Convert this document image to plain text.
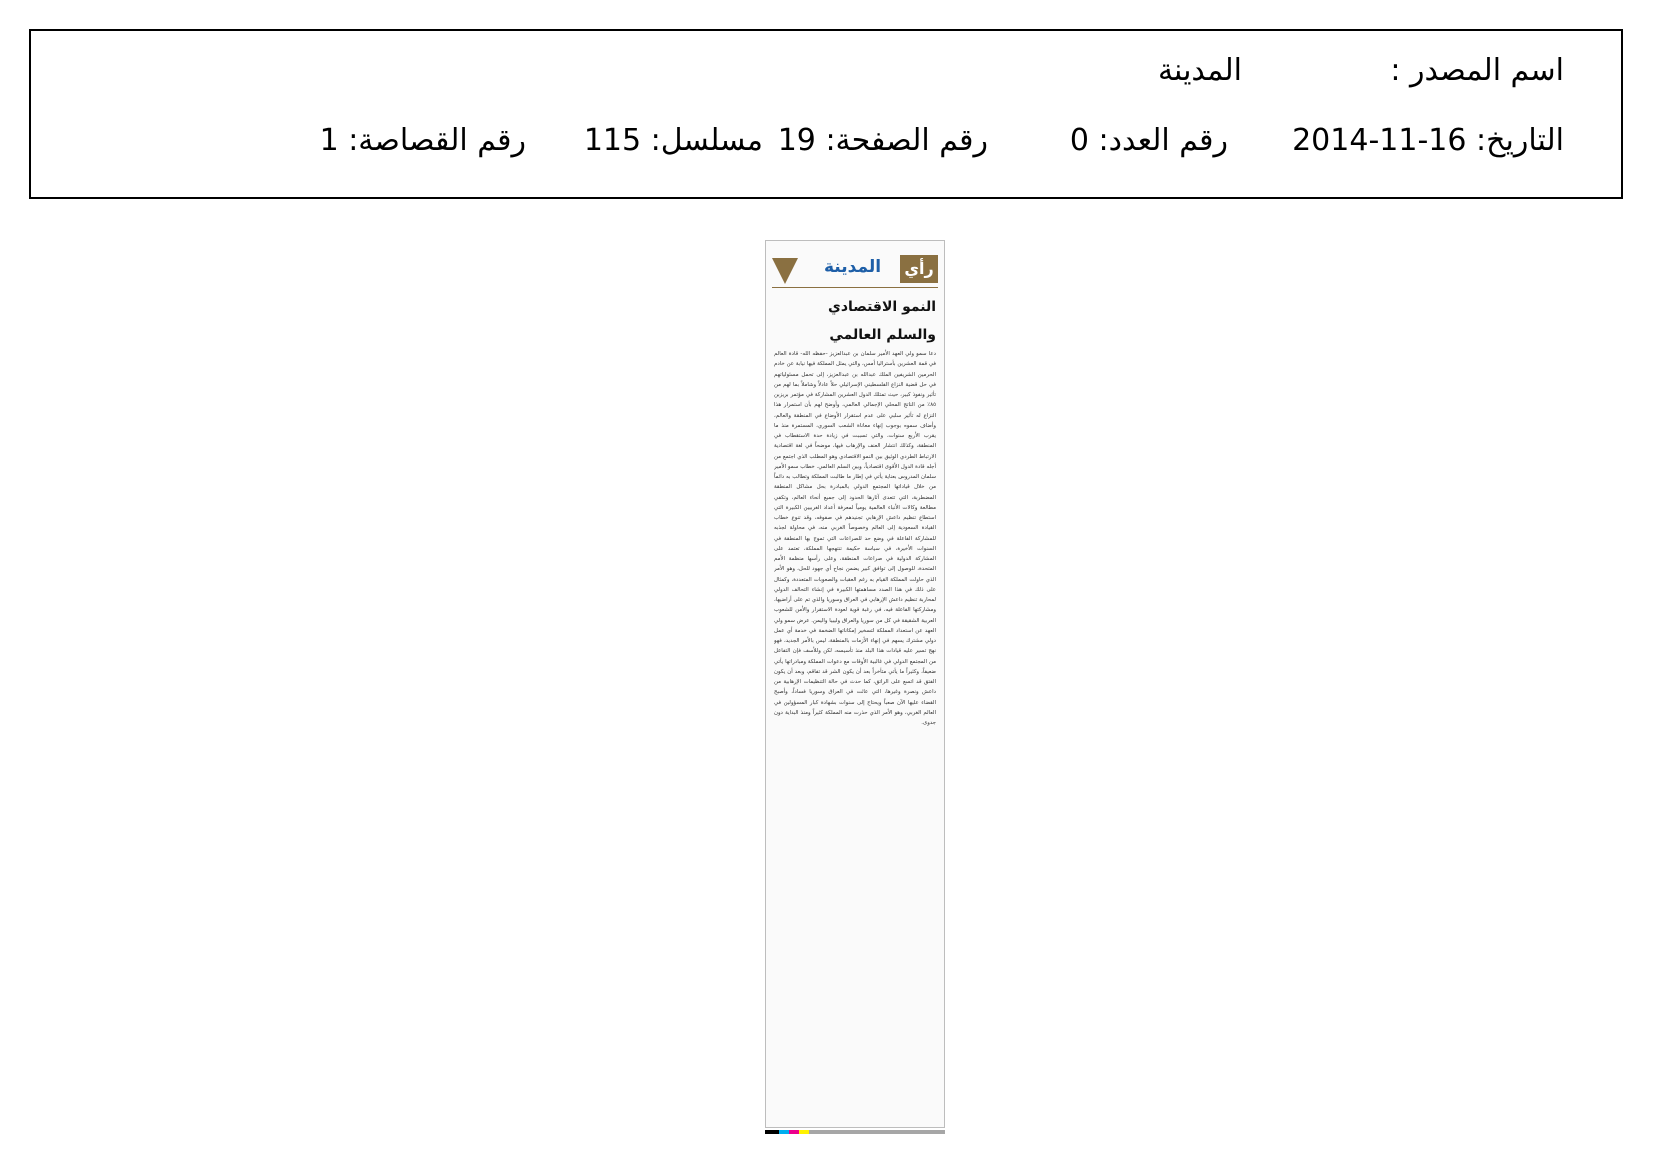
اسم المصدر :
المدينة
التاريخ: 16-11-2014
رقم العدد: 0
رقم الصفحة: 19
مسلسل: 115
رقم القصاصة: 1
المدينة رأي
النمو الاقتصادي
والسلم العالمي
دعا سمو ولي العهد الأمير سلمان بن عبدالعزيز -حفظه الله- قادة العالم في قمة العشرين بأستراليا أمس، والتي يمثل المملكة فيها نيابة عن خادم الحرمين الشريفين الملك عبدالله بن عبدالعزيز، إلى تحمل مسئولياتهم في حل قضية النزاع الفلسطيني الإسرائيلي حلاً عادلاً وشاملاً بما لهم من تأثير ونفوذ كبير، حيث تمتلك الدول العشرين المشاركة في مؤتمر بريزبن ٨٥٪ من الناتج المحلي الإجمالي العالمي، وأوضح لهم بأن استمرار هذا النزاع له تأثير سلبي على عدم استقرار الأوضاع في المنطقة والعالم، وأضاف سموه بوجوب إنهاء معاناة الشعب السوري، المستمرة منذ ما يقرب الأربع سنوات، والتي تسببت في زيادة حدة الاستقطاب في المنطقة، وكذلك انتشار العنف والإرهاب فيها، موضحاً في لغة اقتصادية الارتباط الطردي الوثيق بين النمو الاقتصادي وهو المطلب الذي اجتمع من أجله قادة الدول الأقوى اقتصادياً، وبين السلم العالمي. خطاب سمو الأمير سلمان المدروس بعناية يأتي في إطار ما طالبت المملكة وتطالب به دائماً من خلال قياداتها المجتمع الدولي بالمبادرة بحل مشاكل المنطقة المضطربة، التي تتعدى آثارها الحدود إلى جميع أنحاء العالم، وتكفي مطالعة وكالات الأنباء العالمية يومياً لمعرفة أعداد الغربيين الكبيرة التي استطاع تنظيم داعش الإرهابي تجنيدهم في صفوفه، وقد تنوع خطاب القيادة السعودية إلى العالم وخصوصاً الغربي منه، في محاولة لجذبه للمشاركة الفاعلة في وضع حد للصراعات التي تموج بها المنطقة في السنوات الأخيرة، في سياسة حكيمة تنتهجها المملكة، تعتمد على المشاركة الدولية في صراعات المنطقة، وعلى رأسها منظمة الأمم المتحدة، للوصول إلى توافق كبير يضمن نجاح أي جهود للحل، وهو الأمر الذي حاولت المملكة القيام به رغم العقبات والصعوبات المتعددة، وكمثال على ذلك في هذا الصدد مساهمتها الكبيرة في إنشاء التحالف الدولي لمحاربة تنظيم داعش الإرهابي في العراق وسوريا والذي تم على أراضيها، ومشاركتها الفاعلة فيه، في رغبة قوية لعودة الاستقرار والأمن للشعوب العربية الشقيقة في كل من سوريا والعراق وليبيا واليمن. عرض سمو ولي العهد عن استعداد المملكة لتسخير إمكاناتها الضخمة في خدمة أي عمل دولي مشترك يسهم في إنهاء الأزمات بالمنطقة، ليس بالأمر الجديد، فهو نهج تسير عليه قيادات هذا البلد منذ تأسيسه، لكن وللأسف فإن التفاعل من المجتمع الدولي في غالبية الأوقات مع دعوات المملكة ومبادراتها يأتي ضعيفاً، وكثيراً ما يأتي متأخراً بعد أن يكون الشر قد تفاقم، وبعد أن يكون الفتق قد اتسع على الراتق، كما حدث في حالة التنظيمات الإرهابية من داعش ونصرة وغيرها، التي عاثت في العراق وسوريا فساداً، وأصبح القضاء عليها الآن صعباً ويحتاج إلى سنوات بشهادة كبار المسؤولين في العالم الغربي، وهو الأمر الذي حذرت منه المملكة كثيراً ومنذ البداية دون جدوى.
